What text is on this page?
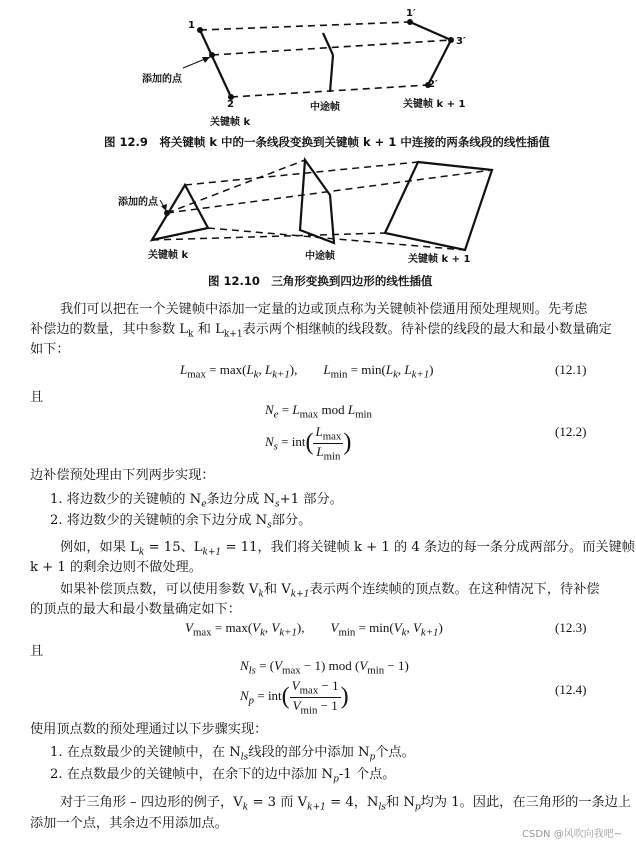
1
1′
3′
添加的点
2
2′
关键帧 k
中途帧	关键帧 k + 1
图 12.9　将关键帧 k 中的一条线段变换到关键帧 k + 1 中连接的两条线段的线性插值
添加的点
关键帧 k	中途帧	关键帧 k + 1
图 12.10　三角形变换到四边形的线性插值
我们可以把在一个关键帧中添加一定量的边或顶点称为关键帧补偿通用预处理规则。先考虑
补偿边的数量，其中参数 $L_k$ 和 $L_{k+1}$表示两个相继帧的线段数。待补偿的线段的最大和最小数量确定
如下：
$L_{max} = \max(L_k$, $L_{k+1}$),        $L_{min} = \min(L_k$, $L_{k+1}$)	(12.1)
且
$N_e = L_{max}$ mod $L_{min}$
$N_s = int( \frac{L_{max}}{L_{min}}$ )	(12.2)
边补偿预处理由下列两步实现：
1. 将边数少的关键帧的 $N_e$条边分成 $N_s+1$ 部分。
2. 将边数少的关键帧的余下边分成 $N_s$部分。
例如，如果 $L_k = 15$、$L_{k+1} = 11$，我们将关键帧 k + 1 的 4 条边的每一条分成两部分。而关键帧
k + 1 的剩余边则不做处理。
如果补偿顶点数，可以使用参数 $V_k$和 $V_{k+1}$表示两个连续帧的顶点数。在这种情况下，待补偿
的顶点的最大和最小数量确定如下：
$V_{max} = \max(V_k$, $V_{k+1}$),        $V_{min} = \min(V_k$, $V_{k+1}$)	(12.3)
且
$N_{ls} = (V_{max} - 1)$ mod $(V_{min} - 1)$
$N_p = int( \frac{V_{max} - 1}{V_{min} - 1}$ )	(12.4)
使用顶点数的预处理通过以下步骤实现：
1. 在点数最少的关键帧中，在 $N_{ls}$线段的部分中添加 $N_p$个点。
2. 在点数最少的关键帧中，在余下的边中添加 $N_p-1$ 个点。
对于三角形 – 四边形的例子，$V_k = 3$ 而 $V_{k+1} = 4$，$N_{ls}$和 $N_p$均为 1。因此，在三角形的一条边上
添加一个点，其余边不用添加点。
CSDN @风吹向我吧~
